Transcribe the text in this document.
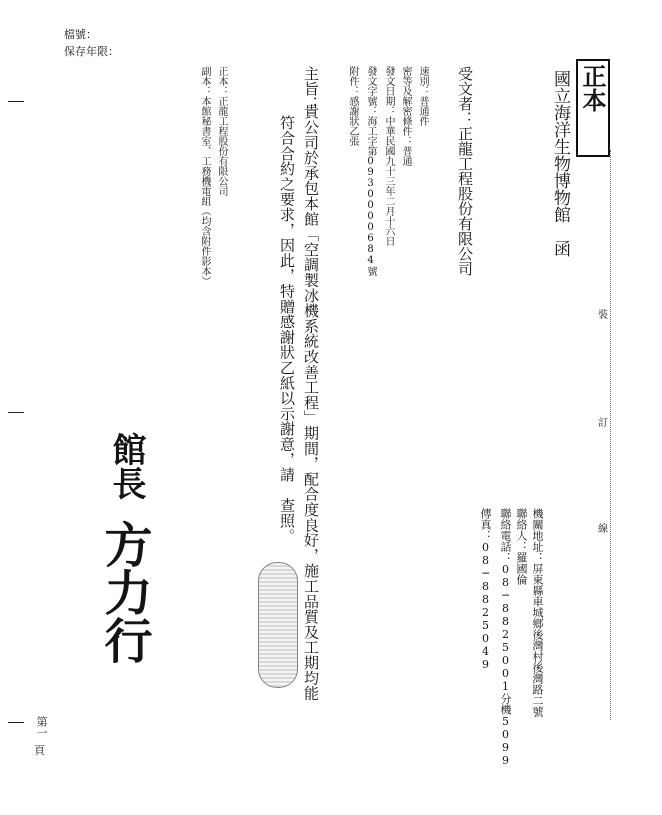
檔號：
保存年限：
正本
國立海洋生物博物館　函
裝
訂
線
機關地址：屏東縣車城鄉後灣村後灣路二號
聯絡人：羅國倫
聯絡電話：08─8825001分機5099
傳真：08─8825049
受文者：正龍工程股份有限公司
速別：普通件
密等及解密條件：普通
發文日期：中華民國九十三年二月十六日
發文字號：海工字第0930000684號
附件：感謝狀乙張
主旨：
貴公司於承包本館「空調製冰機系統改善工程」期間，配合度良好，施工品質及工期均能
符合合約之要求，因此，特贈感謝狀乙紙以示謝意，請　查照。
正本：正龍工程股份有限公司
副本：本館秘書室、工務機電組（均含附件影本）
館長
方力行
第一
頁
